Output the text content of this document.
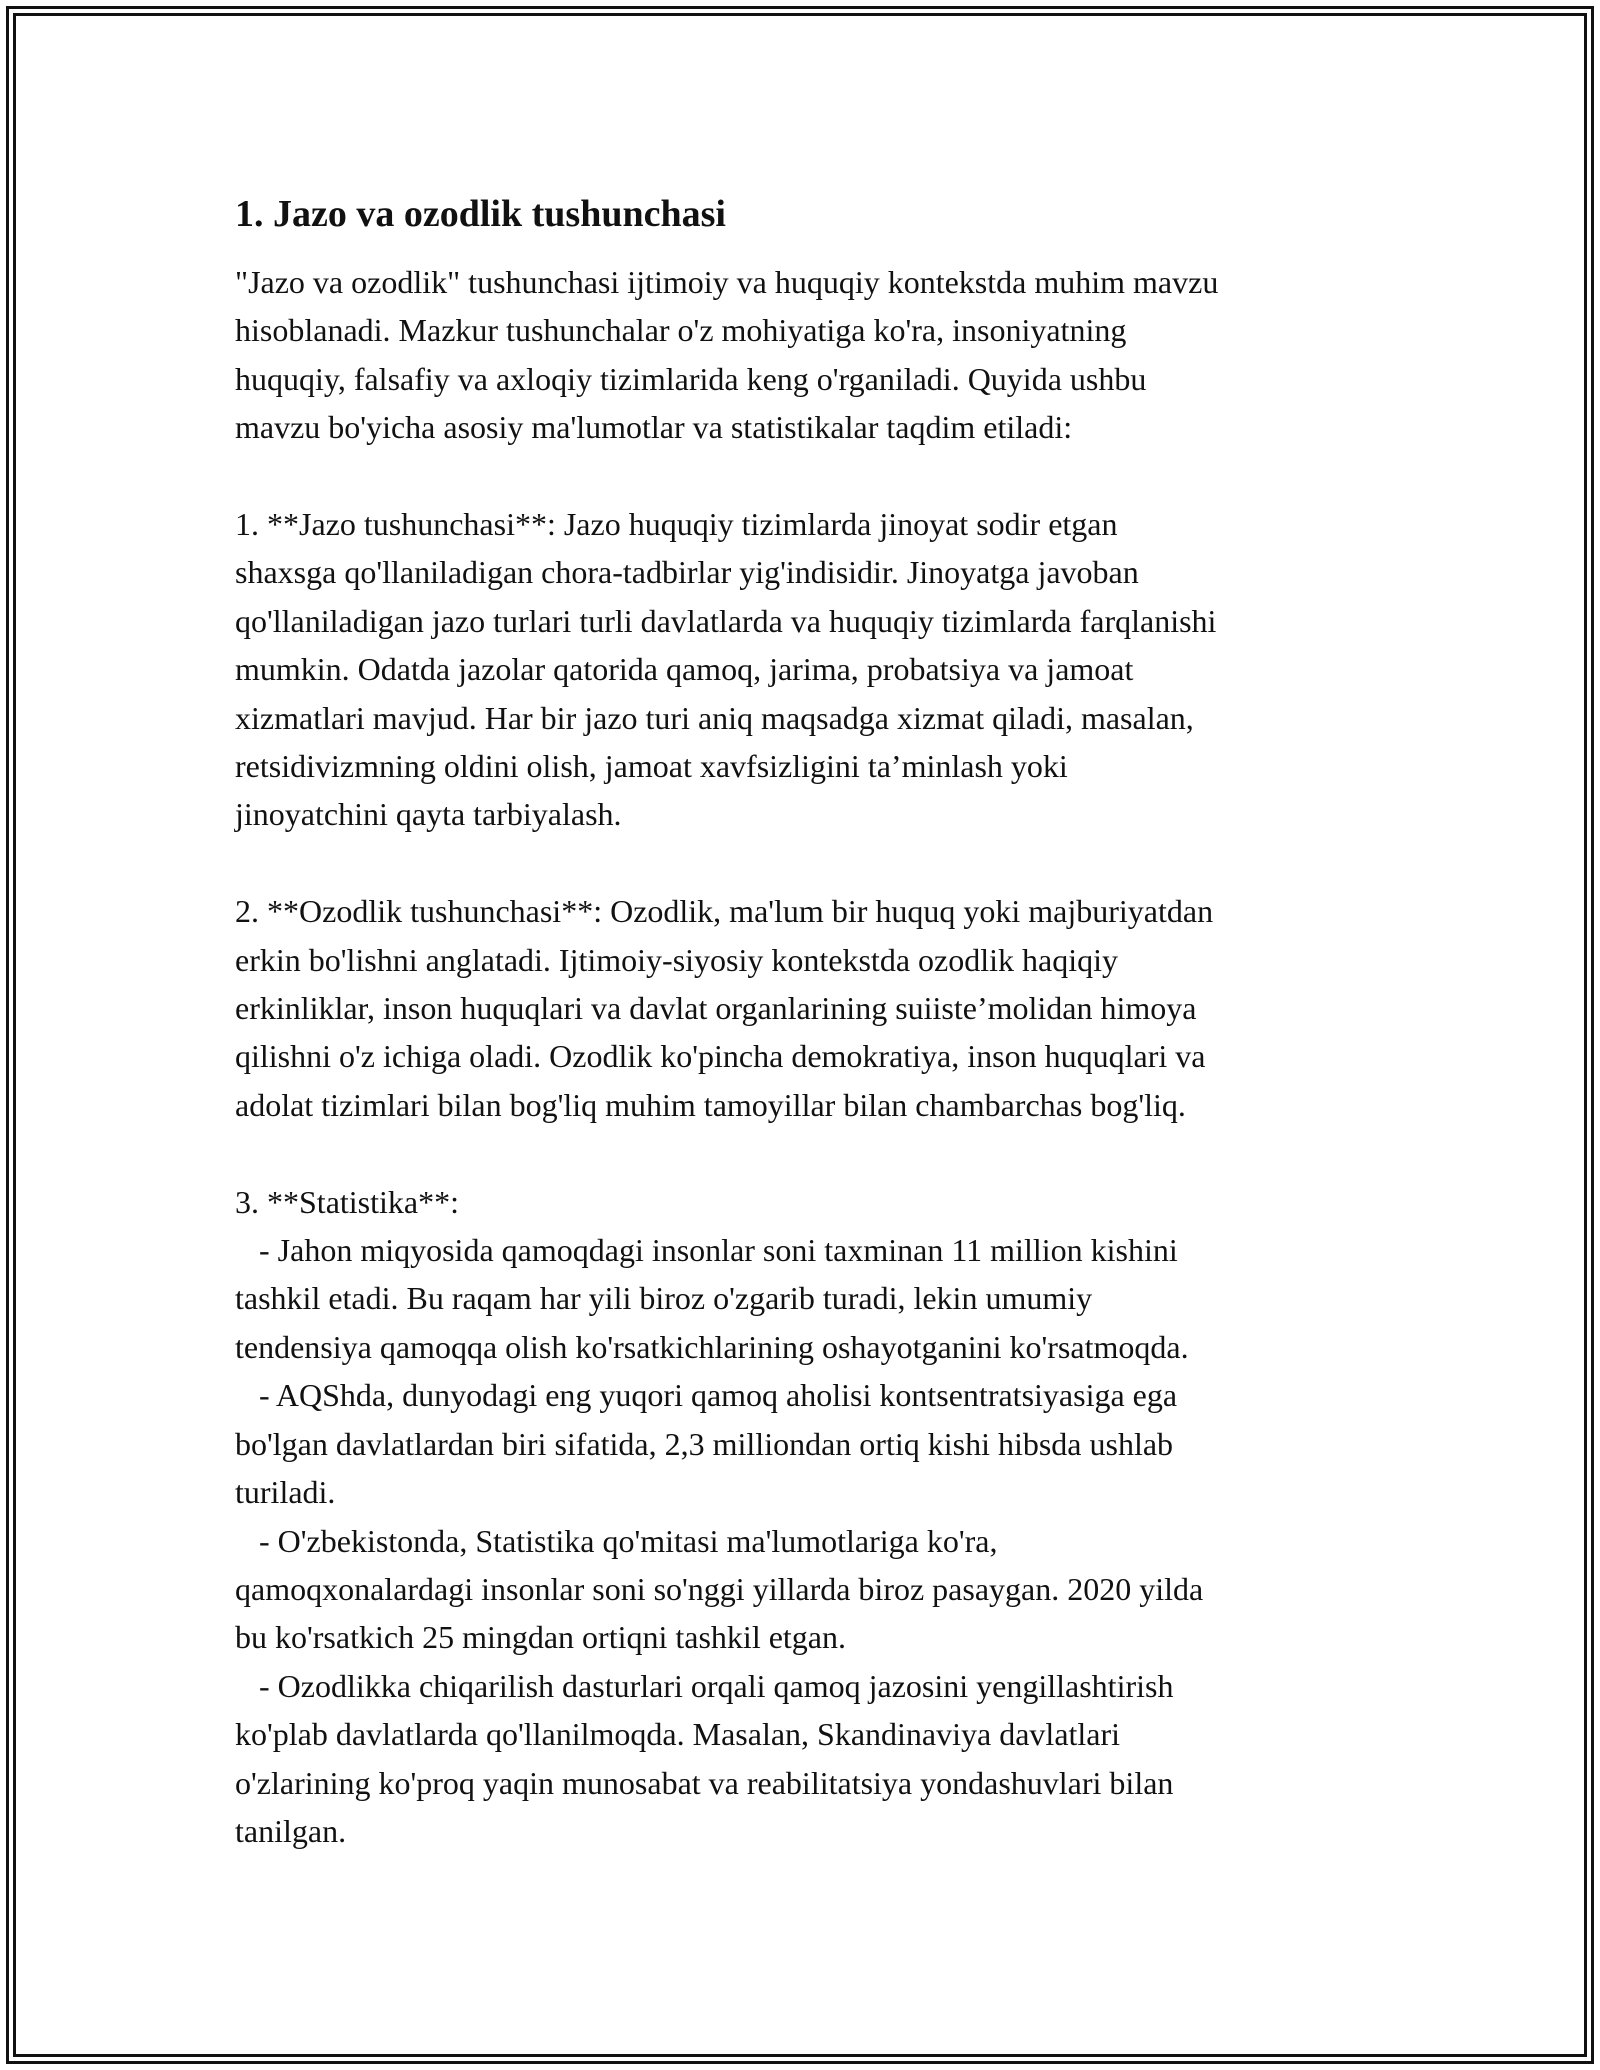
1. Jazo va ozodlik tushunchasi
"Jazo va ozodlik" tushunchasi ijtimoiy va huquqiy kontekstda muhim mavzu
hisoblanadi. Mazkur tushunchalar o'z mohiyatiga ko'ra, insoniyatning
huquqiy, falsafiy va axloqiy tizimlarida keng o'rganiladi. Quyida ushbu
mavzu bo'yicha asosiy ma'lumotlar va statistikalar taqdim etiladi:
1. **Jazo tushunchasi**: Jazo huquqiy tizimlarda jinoyat sodir etgan
shaxsga qo'llaniladigan chora-tadbirlar yig'indisidir. Jinoyatga javoban
qo'llaniladigan jazo turlari turli davlatlarda va huquqiy tizimlarda farqlanishi
mumkin. Odatda jazolar qatorida qamoq, jarima, probatsiya va jamoat
xizmatlari mavjud. Har bir jazo turi aniq maqsadga xizmat qiladi, masalan,
retsidivizmning oldini olish, jamoat xavfsizligini ta’minlash yoki
jinoyatchini qayta tarbiyalash.
2. **Ozodlik tushunchasi**: Ozodlik, ma'lum bir huquq yoki majburiyatdan
erkin bo'lishni anglatadi. Ijtimoiy-siyosiy kontekstda ozodlik haqiqiy
erkinliklar, inson huquqlari va davlat organlarining suiiste’molidan himoya
qilishni o'z ichiga oladi. Ozodlik ko'pincha demokratiya, inson huquqlari va
adolat tizimlari bilan bog'liq muhim tamoyillar bilan chambarchas bog'liq.
3. **Statistika**:
- Jahon miqyosida qamoqdagi insonlar soni taxminan 11 million kishini
tashkil etadi. Bu raqam har yili biroz o'zgarib turadi, lekin umumiy
tendensiya qamoqqa olish ko'rsatkichlarining oshayotganini ko'rsatmoqda.
- AQShda, dunyodagi eng yuqori qamoq aholisi kontsentratsiyasiga ega
bo'lgan davlatlardan biri sifatida, 2,3 milliondan ortiq kishi hibsda ushlab
turiladi.
- O'zbekistonda, Statistika qo'mitasi ma'lumotlariga ko'ra,
qamoqxonalardagi insonlar soni so'nggi yillarda biroz pasaygan. 2020 yilda
bu ko'rsatkich 25 mingdan ortiqni tashkil etgan.
- Ozodlikka chiqarilish dasturlari orqali qamoq jazosini yengillashtirish
ko'plab davlatlarda qo'llanilmoqda. Masalan, Skandinaviya davlatlari
o'zlarining ko'proq yaqin munosabat va reabilitatsiya yondashuvlari bilan
tanilgan.
